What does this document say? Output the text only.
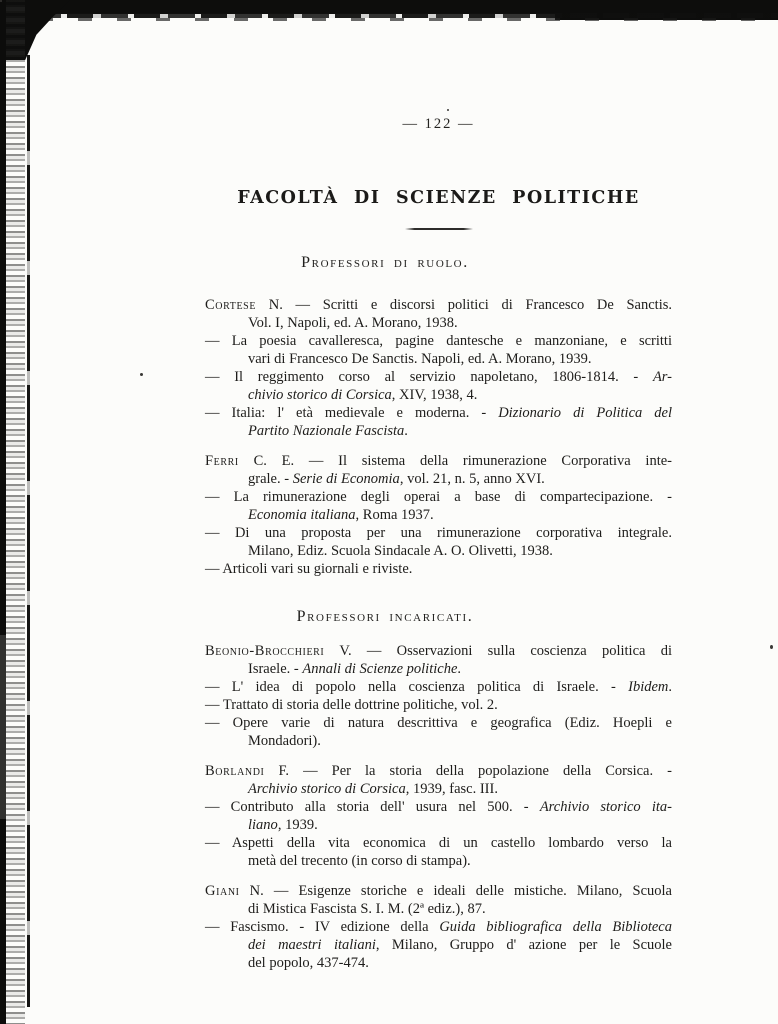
— 122 —
FACOLTÀ DI SCIENZE POLITICHE
Professori di ruolo.
Cortese N. — Scritti e discorsi politici di Francesco De Sanctis.
Vol. I, Napoli, ed. A. Morano, 1938.
— La poesia cavalleresca, pagine dantesche e manzoniane, e scritti
vari di Francesco De Sanctis. Napoli, ed. A. Morano, 1939.
— Il reggimento corso al servizio napoletano, 1806-1814. - Ar-
chivio storico di Corsica, XIV, 1938, 4.
— Italia: l' età medievale e moderna. - Dizionario di Politica del
Partito Nazionale Fascista.
Ferri C. E. — Il sistema della rimunerazione Corporativa inte-
grale. - Serie di Economia, vol. 21, n. 5, anno XVI.
— La rimunerazione degli operai a base di compartecipazione. -
Economia italiana, Roma 1937.
— Di una proposta per una rimunerazione corporativa integrale.
Milano, Ediz. Scuola Sindacale A. O. Olivetti, 1938.
— Articoli vari su giornali e riviste.
Professori incaricati.
Beonio-Brocchieri V. — Osservazioni sulla coscienza politica di
Israele. - Annali di Scienze politiche.
— L' idea di popolo nella coscienza politica di Israele. - Ibidem.
— Trattato di storia delle dottrine politiche, vol. 2.
— Opere varie di natura descrittiva e geografica (Ediz. Hoepli e
Mondadori).
Borlandi F. — Per la storia della popolazione della Corsica. -
Archivio storico di Corsica, 1939, fasc. III.
— Contributo alla storia dell' usura nel 500. - Archivio storico ita-
liano, 1939.
— Aspetti della vita economica di un castello lombardo verso la
metà del trecento (in corso di stampa).
Giani N. — Esigenze storiche e ideali delle mistiche. Milano, Scuola
di Mistica Fascista S. I. M. (2ª ediz.), 87.
— Fascismo. - IV edizione della Guida bibliografica della Biblioteca
dei maestri italiani, Milano, Gruppo d' azione per le Scuole
del popolo, 437-474.
